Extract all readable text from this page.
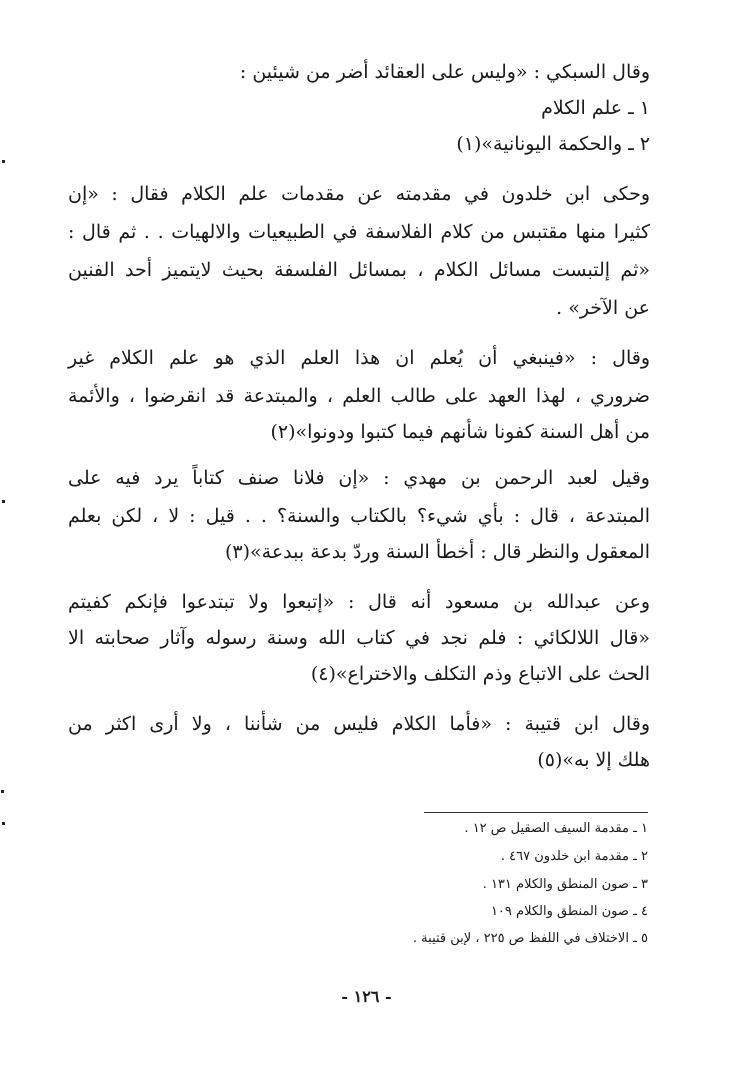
وقال السبكي : «وليس على العقائد أضر من شيئين :
١ ـ علم الكلام
٢ ـ والحكمة اليونانية»(١)
وحكى ابن خلدون في مقدمته عن مقدمات علم الكلام فقال : «إن
كثيرا منها مقتبس من كلام الفلاسفة في الطبيعيات والالهيات . . ثم قال :
«ثم إلتبست مسائل الكلام ، بمسائل الفلسفة بحيث لايتميز أحد الفنين
عن الآخر» .
وقال : «فينبغي أن يُعلم ان هذا العلم الذي هو علم الكلام غير
ضروري ، لهذا العهد على طالب العلم ، والمبتدعة قد انقرضوا ، والأئمة
من أهل السنة كفونا شأنهم فيما كتبوا ودونوا»(٢)
وقيل لعبد الرحمن بن مهدي : «إن فلانا صنف كتاباً يرد فيه على
المبتدعة ، قال : بأي شيء؟ بالكتاب والسنة؟ . . قيل : لا ، لكن بعلم
المعقول والنظر قال : أخطأ السنة وردّ بدعة ببدعة»(٣)
وعن عبدالله بن مسعود أنه قال : «إتبعوا ولا تبتدعوا فإنكم كفيتم
«قال اللالكائي : فلم نجد في كتاب الله وسنة رسوله وآثار صحابته الا
الحث على الاتباع وذم التكلف والاختراع»(٤)
وقال ابن قتيبة : «فأما الكلام فليس من شأننا ، ولا أرى اكثر من
هلك إلا به»(٥)
١ ـ مقدمة السيف الصقيل ص ١٢ .
٢ ـ مقدمة ابن خلدون ٤٦٧ .
٣ ـ صون المنطق والكلام ١٣١ .
٤ ـ صون المنطق والكلام ١٠٩
٥ ـ الاختلاف في اللفظ ص ٢٢٥ ، لإبن قتيبة .
- ١٢٦ -
